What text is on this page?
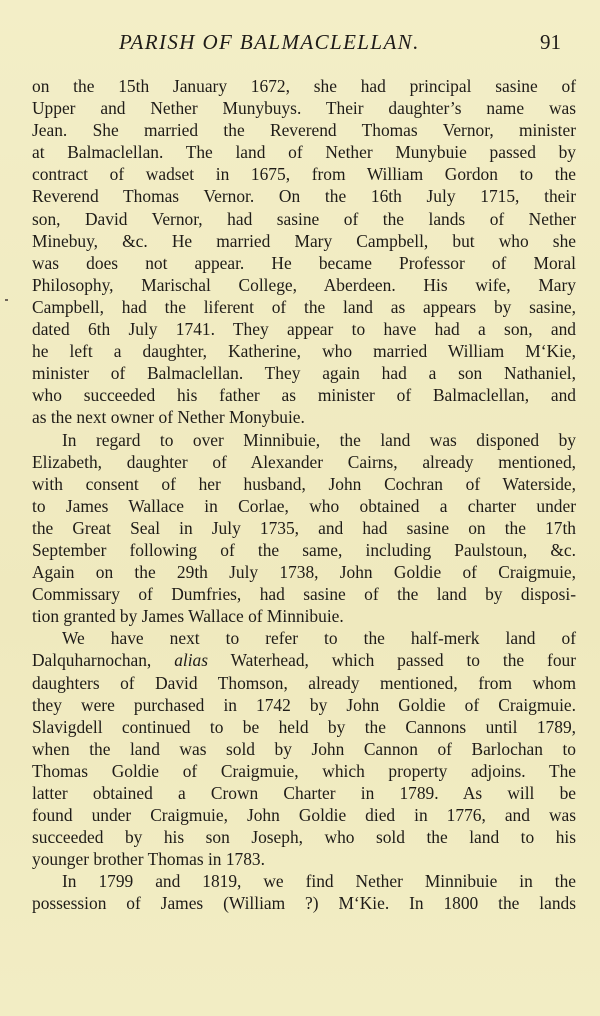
PARISH OF BALMACLELLAN.	91
on the 15th January 1672, she had principal sasine of
Upper and Nether Munybuys. Their daughter’s name was
Jean. She married the Reverend Thomas Vernor, minister
at Balmaclellan. The land of Nether Munybuie passed by
contract of wadset in 1675, from William Gordon to the
Reverend Thomas Vernor. On the 16th July 1715, their
son, David Vernor, had sasine of the lands of Nether
Minebuy, &c. He married Mary Campbell, but who she
was does not appear. He became Professor of Moral
Philosophy, Marischal College, Aberdeen. His wife, Mary
Campbell, had the liferent of the land as appears by sasine,
dated 6th July 1741. They appear to have had a son, and
he left a daughter, Katherine, who married William M‘Kie,
minister of Balmaclellan. They again had a son Nathaniel,
who succeeded his father as minister of Balmaclellan, and
as the next owner of Nether Monybuie.
In regard to over Minnibuie, the land was disponed by
Elizabeth, daughter of Alexander Cairns, already mentioned,
with consent of her husband, John Cochran of Waterside,
to James Wallace in Corlae, who obtained a charter under
the Great Seal in July 1735, and had sasine on the 17th
September following of the same, including Paulstoun, &c.
Again on the 29th July 1738, John Goldie of Craigmuie,
Commissary of Dumfries, had sasine of the land by disposi-
tion granted by James Wallace of Minnibuie.
We have next to refer to the half-merk land of
Dalquharnochan, alias Waterhead, which passed to the four
daughters of David Thomson, already mentioned, from whom
they were purchased in 1742 by John Goldie of Craigmuie.
Slavigdell continued to be held by the Cannons until 1789,
when the land was sold by John Cannon of Barlochan to
Thomas Goldie of Craigmuie, which property adjoins. The
latter obtained a Crown Charter in 1789. As will be
found under Craigmuie, John Goldie died in 1776, and was
succeeded by his son Joseph, who sold the land to his
younger brother Thomas in 1783.
In 1799 and 1819, we find Nether Minnibuie in the
possession of James (William ?) M‘Kie. In 1800 the lands
